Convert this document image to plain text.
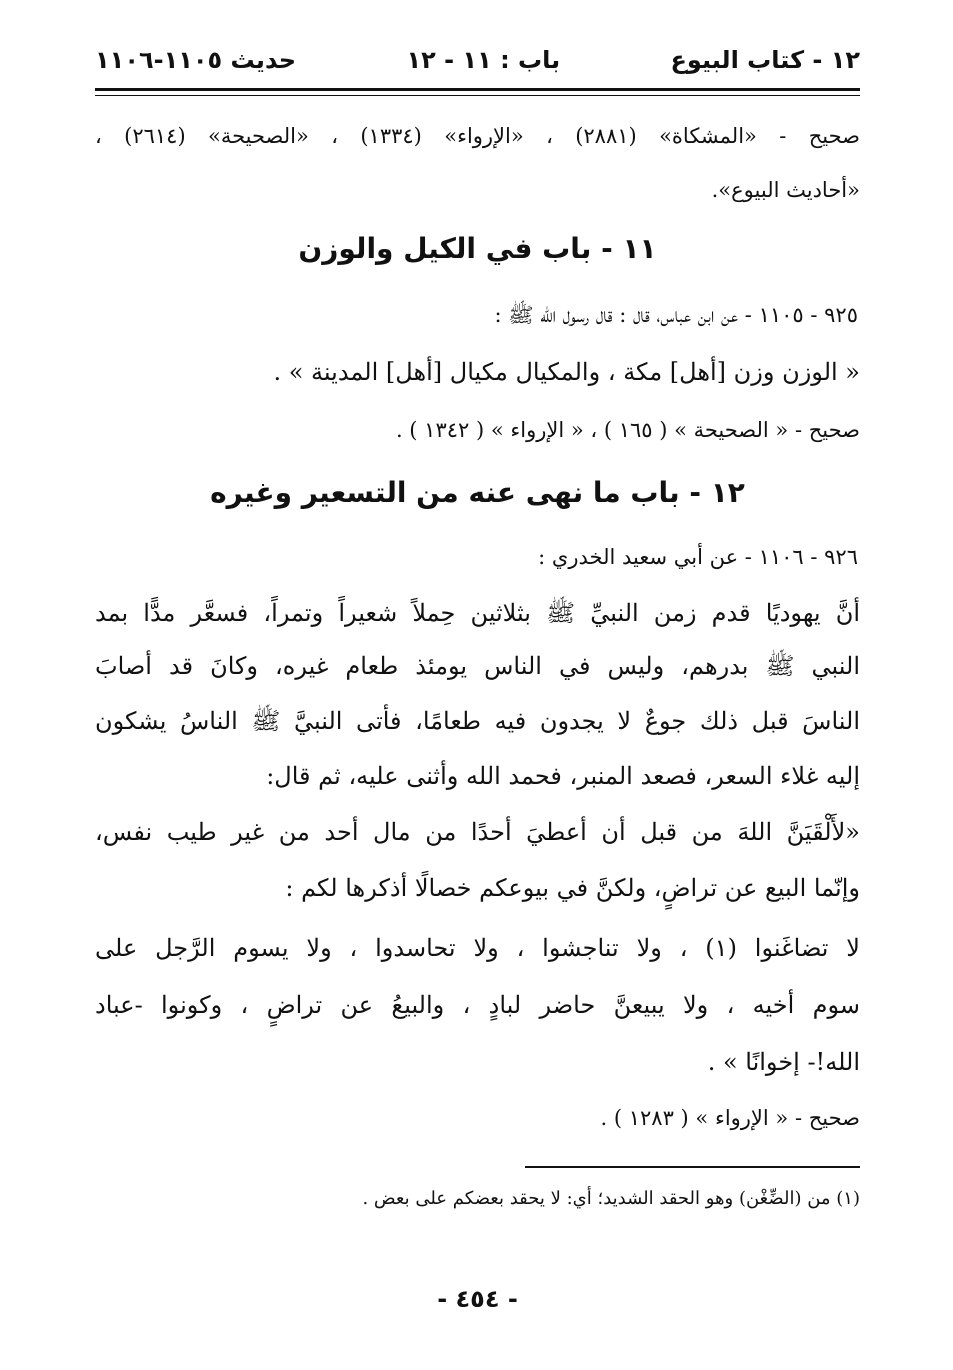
١٢ - كتاب البيوع
باب : ١١ - ١٢
حديث ١١٠٥-١١٠٦
صحيح - «المشكاة» (٢٨٨١) ، «الإرواء» (١٣٣٤) ، «الصحيحة» (٢٦١٤) ،
«أحاديث البيوع».
١١ - باب في الكيل والوزن
٩٢٥ - ١١٠٥ - عن ابن عباس، قال : قال رسول الله ﷺ :
« الوزن وزن [أهل] مكة ، والمكيال مكيال [أهل] المدينة » .
صحيح - « الصحيحة » ( ١٦٥ ) ، « الإرواء » ( ١٣٤٢ ) .
١٢ - باب ما نهى عنه من التسعير وغيره
٩٢٦ - ١١٠٦ - عن أبي سعيد الخدري :
أنَّ يهوديًا قدم زمن النبيِّ ﷺ بثلاثين حِملاً شعيراً وتمراً، فسعَّر مدًّا بمد
النبي ﷺ بدرهم، وليس في الناس يومئذ طعام غيره، وكانَ قد أصابَ
الناسَ قبل ذلك جوعٌ لا يجدون فيه طعامًا، فأتى النبيَّ ﷺ الناسُ يشكون
إليه غلاء السعر، فصعد المنبر، فحمد الله وأثنى عليه، ثم قال:
«لأَلْقَيَنَّ اللهَ من قبل أن أعطيَ أحدًا من مال أحد من غير طيب نفس،
وإنّما البيع عن تراضٍ، ولكنَّ في بيوعكم خصالًا أذكرها لكم :
لا تضاغَنوا (١) ، ولا تناجشوا ، ولا تحاسدوا ، ولا يسوم الرَّجل على
سوم أخيه ، ولا يبيعنَّ حاضر لبادٍ ، والبيعُ عن تراضٍ ، وكونوا -عباد
الله!- إخوانًا » .
صحيح - « الإرواء » ( ١٢٨٣ ) .
(١) من (الضِّغْن) وهو الحقد الشديد؛ أي: لا يحقد بعضكم على بعض .
- ٤٥٤ -
